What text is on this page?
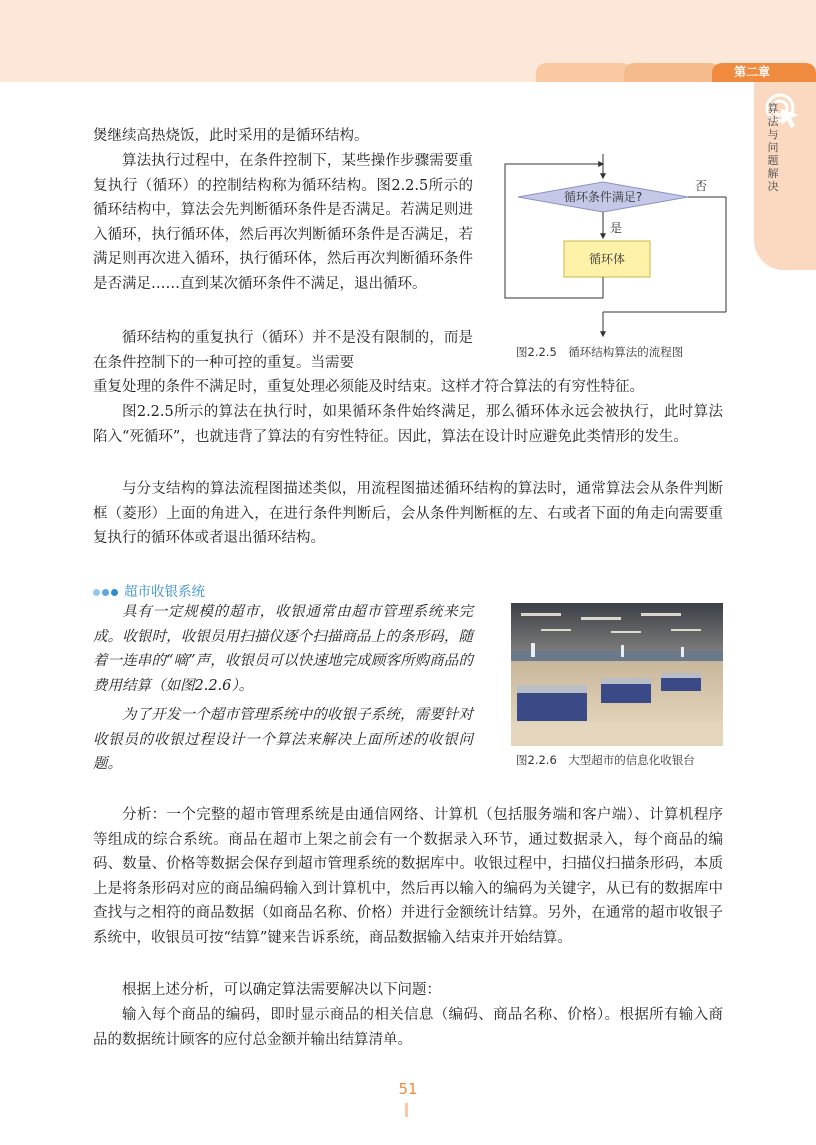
第二章
算
法
与
问
题
解
决

煲继续高热烧饭，此时采用的是循环结构。

算法执行过程中，在条件控制下，某些操作步骤需要重复执行（循环）的控制结构称为循环结构。图2.2.5所示的循环结构中，算法会先判断循环条件是否满足。若满足则进入循环，执行循环体，然后再次判断循环条件是否满足，若满足则再次进入循环，执行循环体，然后再次判断循环条件是否满足……直到某次循环条件不满足，退出循环。

循环结构的重复执行（循环）并不是没有限制的，而是在条件控制下的一种可控的重复。当需要

重复处理的条件不满足时，重复处理必须能及时结束。这样才符合算法的有穷性特征。

图2.2.5所示的算法在执行时，如果循环条件始终满足，那么循环体永远会被执行，此时算法陷入“死循环”，也就违背了算法的有穷性特征。因此，算法在设计时应避免此类情形的发生。

与分支结构的算法流程图描述类似，用流程图描述循环结构的算法时，通常算法会从条件判断框（菱形）上面的角进入，在进行条件判断后，会从条件判断框的左、右或者下面的角走向需要重复执行的循环体或者退出循环结构。

循环条件满足?
是
循环体
否
图2.2.5　循环结构算法的流程图
超市收银系统

具有一定规模的超市，收银通常由超市管理系统来完成。收银时，收银员用扫描仪逐个扫描商品上的条形码，随着一连串的“嘀”声，收银员可以快速地完成顾客所购商品的费用结算（如图2.2.6）。

为了开发一个超市管理系统中的收银子系统，需要针对收银员的收银过程设计一个算法来解决上面所述的收银问题。	图2.2.6　大型超市的信息化收银台

分析：一个完整的超市管理系统是由通信网络、计算机（包括服务端和客户端）、计算机程序等组成的综合系统。商品在超市上架之前会有一个数据录入环节，通过数据录入，每个商品的编码、数量、价格等数据会保存到超市管理系统的数据库中。收银过程中，扫描仪扫描条形码，本质上是将条形码对应的商品编码输入到计算机中，然后再以输入的编码为关键字，从已有的数据库中查找与之相符的商品数据（如商品名称、价格）并进行金额统计结算。另外，在通常的超市收银子系统中，收银员可按“结算”键来告诉系统，商品数据输入结束并开始结算。

根据上述分析，可以确定算法需要解决以下问题：

输入每个商品的编码，即时显示商品的相关信息（编码、商品名称、价格）。根据所有输入商品的数据统计顾客的应付总金额并输出结算清单。

51
